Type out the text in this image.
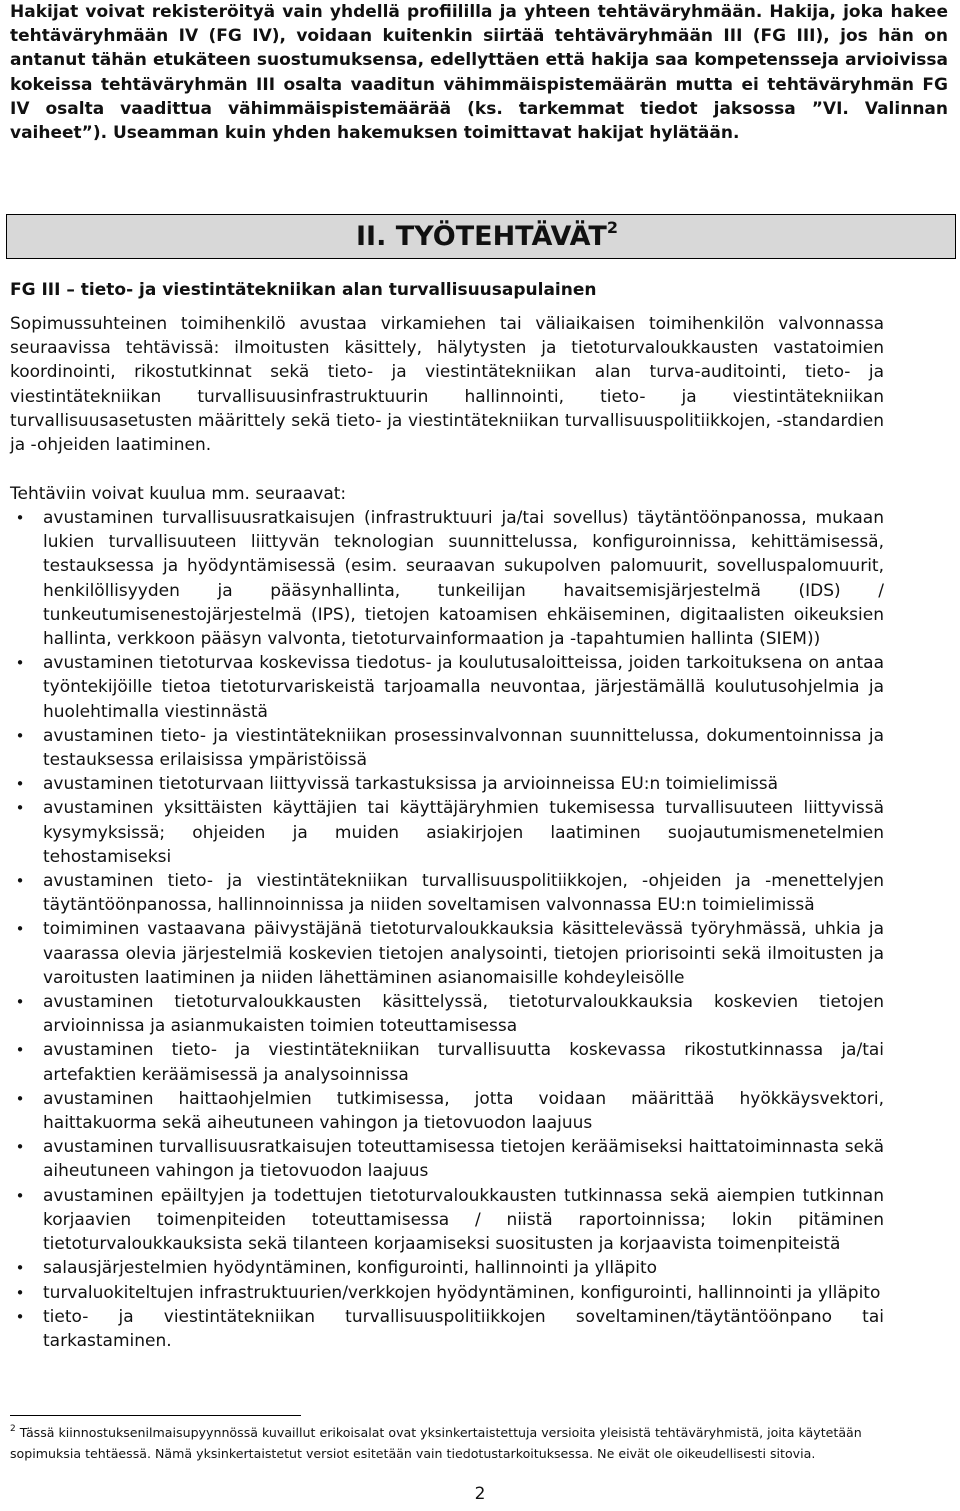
Hakijat voivat rekisteröityä vain yhdellä profiililla ja yhteen tehtäväryhmään. Hakija, joka hakee tehtäväryhmään IV (FG IV), voidaan kuitenkin siirtää tehtäväryhmään III (FG III), jos hän on antanut tähän etukäteen suostumuksensa, edellyttäen että hakija saa kompetensseja arvioivissa kokeissa tehtäväryhmän III osalta vaaditun vähimmäispistemäärän mutta ei tehtäväryhmän FG IV osalta vaadittua vähimmäispistemäärää (ks. tarkemmat tiedot jaksossa ”VI. Valinnan vaiheet”). Useamman kuin yhden hakemuksen toimittavat hakijat hylätään.

II. TYÖTEHTÄVÄT$^2$
FG III – tieto- ja viestintätekniikan alan turvallisuusapulainen

Sopimussuhteinen toimihenkilö avustaa virkamiehen tai väliaikaisen toimihenkilön valvonnassa seuraavissa tehtävissä: ilmoitusten käsittely, hälytysten ja tietoturvaloukkausten vastatoimien koordinointi, rikostutkinnat sekä tieto- ja viestintätekniikan alan turva-auditointi, tieto- ja viestintätekniikan turvallisuusinfrastruktuurin hallinnointi, tieto- ja viestintätekniikan turvallisuusasetusten määrittely sekä tieto- ja viestintätekniikan turvallisuuspolitiikkojen, -standardien ja -ohjeiden laatiminen.

Tehtäviin voivat kuulua mm. seuraavat:

•	avustaminen turvallisuusratkaisujen (infrastruktuuri ja/tai sovellus) täytäntöönpanossa, mukaan lukien turvallisuuteen liittyvän teknologian suunnittelussa, konfiguroinnissa, kehittämisessä, testauksessa ja hyödyntämisessä (esim. seuraavan sukupolven palomuurit, sovelluspalomuurit, henkilöllisyyden ja pääsynhallinta, tunkeilijan havaitsemisjärjestelmä (IDS) / tunkeutumisenestojärjestelmä (IPS), tietojen katoamisen ehkäiseminen, digitaalisten oikeuksien hallinta, verkkoon pääsyn valvonta, tietoturvainformaation ja -tapahtumien hallinta (SIEM))
•	avustaminen tietoturvaa koskevissa tiedotus- ja koulutusaloitteissa, joiden tarkoituksena on antaa työntekijöille tietoa tietoturvariskeistä tarjoamalla neuvontaa, järjestämällä koulutusohjelmia ja huolehtimalla viestinnästä
•	avustaminen tieto- ja viestintätekniikan prosessinvalvonnan suunnittelussa, dokumentoinnissa ja testauksessa erilaisissa ympäristöissä
•	avustaminen tietoturvaan liittyvissä tarkastuksissa ja arvioinneissa EU:n toimielimissä
•	avustaminen yksittäisten käyttäjien tai käyttäjäryhmien tukemisessa turvallisuuteen liittyvissä kysymyksissä; ohjeiden ja muiden asiakirjojen laatiminen suojautumismenetelmien tehostamiseksi
•	avustaminen tieto- ja viestintätekniikan turvallisuuspolitiikkojen, -ohjeiden ja -menettelyjen täytäntöönpanossa, hallinnoinnissa ja niiden soveltamisen valvonnassa EU:n toimielimissä
•	toimiminen vastaavana päivystäjänä tietoturvaloukkauksia käsittelevässä työryhmässä, uhkia ja vaarassa olevia järjestelmiä koskevien tietojen analysointi, tietojen priorisointi sekä ilmoitusten ja varoitusten laatiminen ja niiden lähettäminen asianomaisille kohdeyleisölle
•	avustaminen tietoturvaloukkausten käsittelyssä, tietoturvaloukkauksia koskevien tietojen arvioinnissa ja asianmukaisten toimien toteuttamisessa
•	avustaminen tieto- ja viestintätekniikan turvallisuutta koskevassa rikostutkinnassa ja/tai artefaktien keräämisessä ja analysoinnissa
•	avustaminen haittaohjelmien tutkimisessa, jotta voidaan määrittää hyökkäysvektori, haittakuorma sekä aiheutuneen vahingon ja tietovuodon laajuus
•	avustaminen turvallisuusratkaisujen toteuttamisessa tietojen keräämiseksi haittatoiminnasta sekä aiheutuneen vahingon ja tietovuodon laajuus
•	avustaminen epäiltyjen ja todettujen tietoturvaloukkausten tutkinnassa sekä aiempien tutkinnan korjaavien toimenpiteiden toteuttamisessa / niistä raportoinnissa; lokin pitäminen tietoturvaloukkauksista sekä tilanteen korjaamiseksi suositusten ja korjaavista toimenpiteistä
•	salausjärjestelmien hyödyntäminen, konfigurointi, hallinnointi ja ylläpito
•	turvaluokiteltujen infrastruktuurien/verkkojen hyödyntäminen, konfigurointi, hallinnointi ja ylläpito
•	tieto- ja viestintätekniikan turvallisuuspolitiikkojen soveltaminen/täytäntöönpano tai tarkastaminen.

$^2$ Tässä kiinnostuksenilmaisupyynnössä kuvaillut erikoisalat ovat yksinkertaistettuja versioita yleisistä tehtäväryhmistä, joita käytetään sopimuksia tehtäessä. Nämä yksinkertaistetut versiot esitetään vain tiedotustarkoituksessa. Ne eivät ole oikeudellisesti sitovia.

2
